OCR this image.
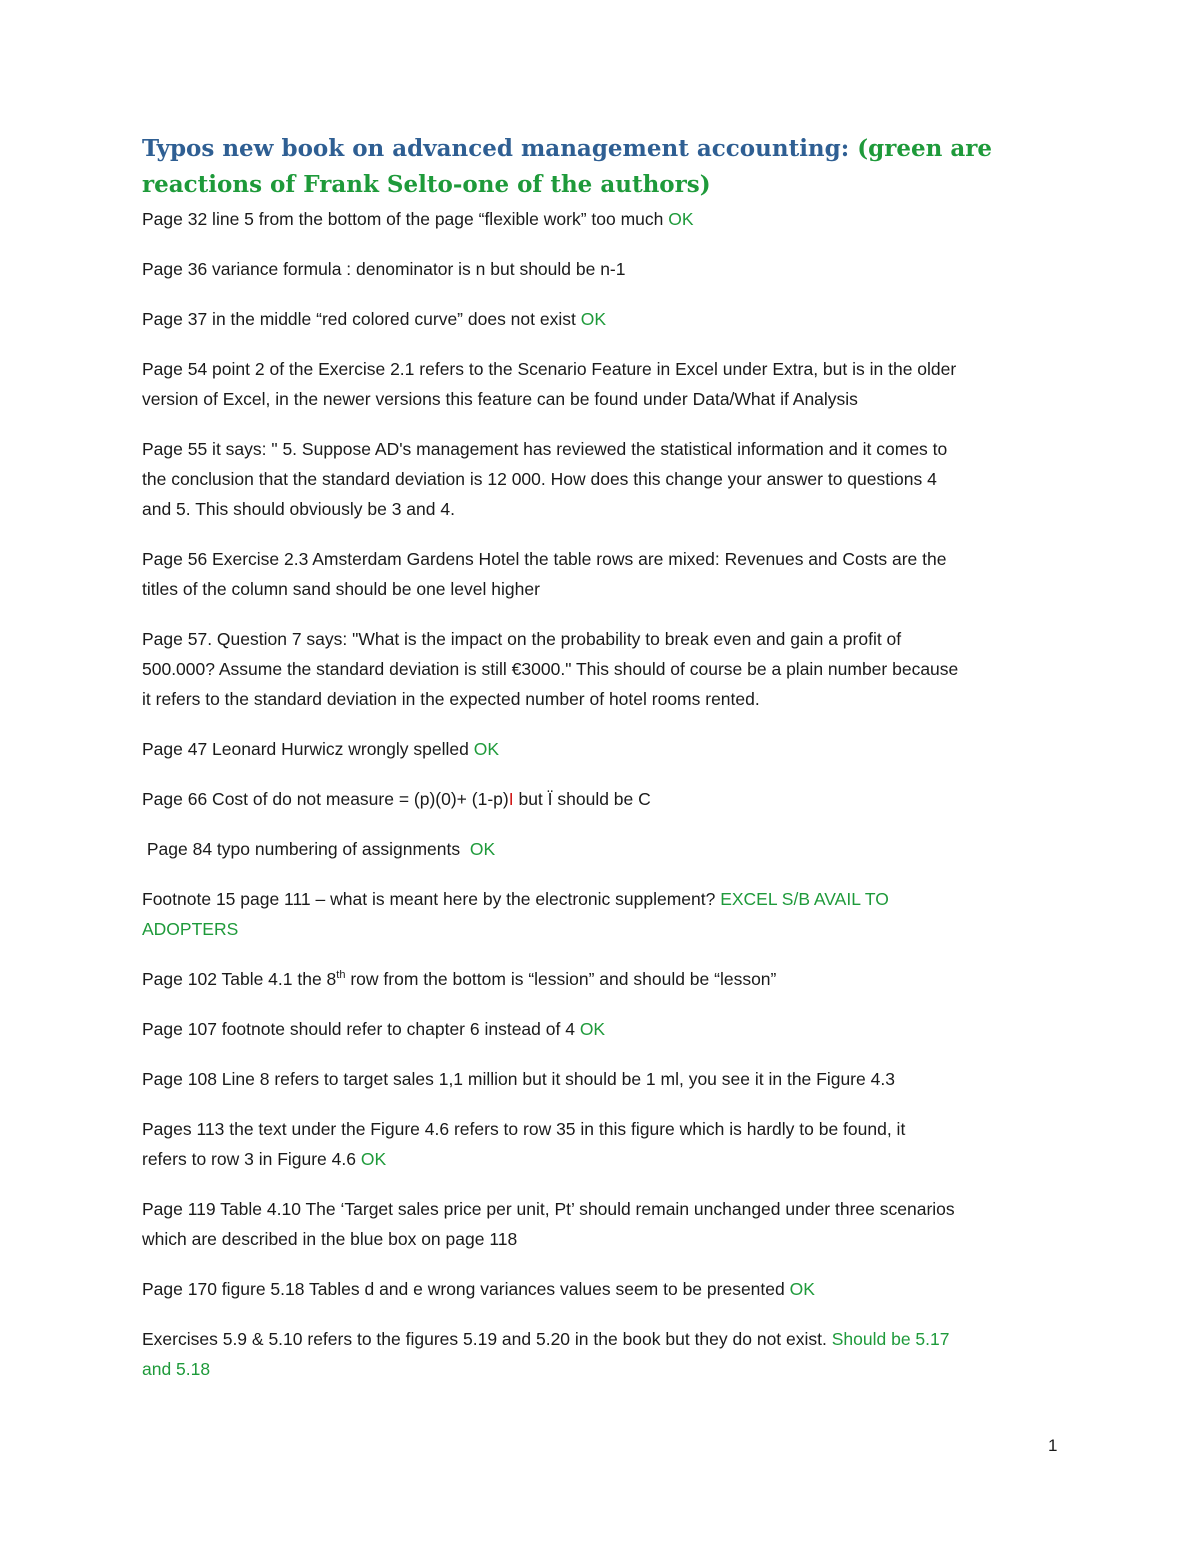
Typos new book on advanced management accounting: (green are reactions of Frank Selto-one of the authors)

Page 32 line 5 from the bottom of the page “flexible work” too much OK

Page 36 variance formula : denominator is n but should be n-1

Page 37 in the middle “red colored curve” does not exist OK

Page 54 point 2 of the Exercise 2.1 refers to the Scenario Feature in Excel under Extra, but is in the older
version of Excel, in the newer versions this feature can be found under Data/What if Analysis

Page 55 it says: " 5. Suppose AD's management has reviewed the statistical information and it comes to
the conclusion that the standard deviation is 12 000. How does this change your answer to questions 4
and 5. This should obviously be 3 and 4.

Page 56 Exercise 2.3 Amsterdam Gardens Hotel the table rows are mixed: Revenues and Costs are the
titles of the column sand should be one level higher

Page 57. Question 7 says: "What is the impact on the probability to break even and gain a profit of
500.000? Assume the standard deviation is still €3000." This should of course be a plain number because
it refers to the standard deviation in the expected number of hotel rooms rented.

Page 47 Leonard Hurwicz wrongly spelled OK

Page 66 Cost of do not measure = (p)(0)+ (1-p)I but Ï should be C

Page 84 typo numbering of assignments  OK

Footnote 15 page 111 – what is meant here by the electronic supplement? EXCEL S/B AVAIL TO
ADOPTERS

Page 102 Table 4.1 the 8th row from the bottom is “lession” and should be “lesson”

Page 107 footnote should refer to chapter 6 instead of 4 OK

Page 108 Line 8 refers to target sales 1,1 million but it should be 1 ml, you see it in the Figure 4.3

Pages 113 the text under the Figure 4.6 refers to row 35 in this figure which is hardly to be found, it
refers to row 3 in Figure 4.6 OK

Page 119 Table 4.10 The ‘Target sales price per unit, Pt’ should remain unchanged under three scenarios
which are described in the blue box on page 118

Page 170 figure 5.18 Tables d and e wrong variances values seem to be presented OK

Exercises 5.9 & 5.10 refers to the figures 5.19 and 5.20 in the book but they do not exist. Should be 5.17
and 5.18

1
